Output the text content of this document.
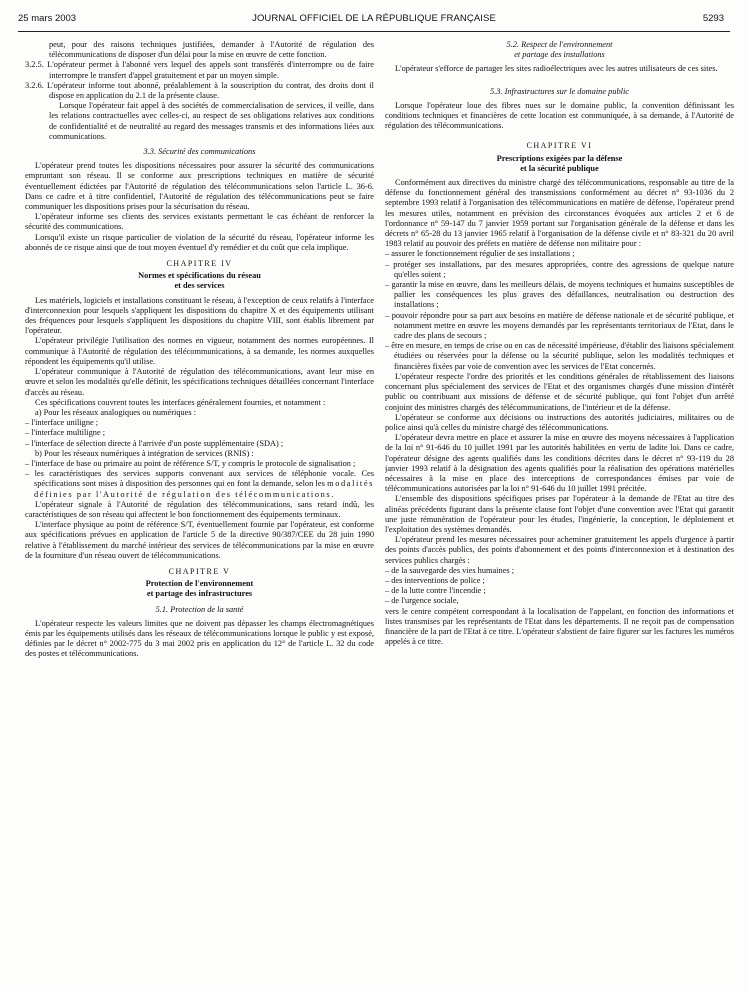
25 mars 2003	JOURNAL OFFICIEL DE LA RÉPUBLIQUE FRANÇAISE	5293

peut, pour des raisons techniques justifiées, demander à l'Autorité de régulation des télécommunications de disposer d'un délai pour la mise en œuvre de cette fonction.

3.2.5. L'opérateur permet à l'abonné vers lequel des appels sont transférés d'interrompre ou de faire interrompre le transfert d'appel gratuitement et par un moyen simple.

3.2.6. L'opérateur informe tout abonné, préalablement à la souscription du contrat, des droits dont il dispose en application du 2.1 de la présente clause.

Lorsque l'opérateur fait appel à des sociétés de commercialisation de services, il veille, dans les relations contractuelles avec celles-ci, au respect de ses obligations relatives aux conditions de confidentialité et de neutralité au regard des messages transmis et des informations liées aux communications.

3.3. Sécurité des communications

L'opérateur prend toutes les dispositions nécessaires pour assurer la sécurité des communications empruntant son réseau. Il se conforme aux prescriptions techniques en matière de sécurité éventuellement édictées par l'Autorité de régulation des télécommunications selon l'article L. 36-6. Dans ce cadre et à titre confidentiel, l'Autorité de régulation des télécommunications peut se faire communiquer les dispositions prises pour la sécurisation du réseau.

L'opérateur informe ses clients des services existants permettant le cas échéant de renforcer la sécurité des communications.

Lorsqu'il existe un risque particulier de violation de la sécurité du réseau, l'opérateur informe les abonnés de ce risque ainsi que de tout moyen éventuel d'y remédier et du coût que cela implique.

CHAPITRE IV

Normes et spécifications du réseau
et des services

Les matériels, logiciels et installations constituant le réseau, à l'exception de ceux relatifs à l'interface d'interconnexion pour lesquels s'appliquent les dispositions du chapitre X et des équipements utilisant des fréquences pour lesquels s'appliquent les dispositions du chapitre VIII, sont établis librement par l'opérateur.

L'opérateur privilégie l'utilisation des normes en vigueur, notamment des normes européennes. Il communique à l'Autorité de régulation des télécommunications, à sa demande, les normes auxquelles répondent les équipements qu'il utilise.

L'opérateur communique à l'Autorité de régulation des télécommunications, avant leur mise en œuvre et selon les modalités qu'elle définit, les spécifications techniques détaillées concernant l'interface d'accès au réseau.

Ces spécifications couvrent toutes les interfaces généralement fournies, et notamment :

a) Pour les réseaux analogiques ou numériques :

– l'interface uniligne ;

– l'interface multiligne ;

– l'interface de sélection directe à l'arrivée d'un poste supplémentaire (SDA) ;

b) Pour les réseaux numériques à intégration de services (RNIS) :

– l'interface de base ou primaire au point de référence S/T, y compris le protocole de signalisation ;

– les caractéristiques des services supports convenant aux services de téléphonie vocale. Ces spécifications sont mises à disposition des personnes qui en font la demande, selon les modalités définies par l'Autorité de régulation des télécommunications.

L'opérateur signale à l'Autorité de régulation des télécommunications, sans retard indû, les caractéristiques de son réseau qui affectent le bon fonctionnement des équipements terminaux.

L'interface physique au point de référence S/T, éventuellement fournie par l'opérateur, est conforme aux spécifications prévues en application de l'article 5 de la directive 90/387/CEE du 28 juin 1990 relative à l'établissement du marché intérieur des services de télécommunications par la mise en œuvre de la fourniture d'un réseau ouvert de télécommunications.

CHAPITRE V

Protection de l'environnement
et partage des infrastructures

5.1. Protection de la santé

L'opérateur respecte les valeurs limites que ne doivent pas dépasser les champs électromagnétiques émis par les équipements utilisés dans les réseaux de télécommunications lorsque le public y est exposé, définies par le décret n° 2002-775 du 3 mai 2002 pris en application du 12° de l'article L. 32 du code des postes et télécommunications.

5.2. Respect de l'environnement
et partage des installations

L'opérateur s'efforce de partager les sites radioélectriques avec les autres utilisateurs de ces sites.

5.3. Infrastructures sur le domaine public

Lorsque l'opérateur loue des fibres nues sur le domaine public, la convention définissant les conditions techniques et financières de cette location est communiquée, à sa demande, à l'Autorité de régulation des télécommunications.

CHAPITRE VI

Prescriptions exigées par la défense
et la sécurité publique

Conformément aux directives du ministre chargé des télécommunications, responsable au titre de la défense du fonctionnement général des transmissions conformément au décret n° 93-1036 du 2 septembre 1993 relatif à l'organisation des télécommunications en matière de défense, l'opérateur prend les mesures utiles, notamment en prévision des circonstances évoquées aux articles 2 et 6 de l'ordonnance n° 59-147 du 7 janvier 1959 portant sur l'organisation générale de la défense et dans les décrets n° 65-28 du 13 janvier 1965 relatif à l'organisation de la défense civile et n° 83-321 du 20 avril 1983 relatif au pouvoir des préfets en matière de défense non militaire pour :

– assurer le fonctionnement régulier de ses installations ;

– protéger ses installations, par des mesures appropriées, contre des agressions de quelque nature qu'elles soient ;

– garantir la mise en œuvre, dans les meilleurs délais, de moyens techniques et humains susceptibles de pallier les conséquences les plus graves des défaillances, neutralisation ou destruction des installations ;

– pouvoir répondre pour sa part aux besoins en matière de défense nationale et de sécurité publique, et notamment mettre en œuvre les moyens demandés par les représentants territoriaux de l'Etat, dans le cadre des plans de secours ;

– être en mesure, en temps de crise ou en cas de nécessité impérieuse, d'établir des liaisons spécialement étudiées ou réservées pour la défense ou la sécurité publique, selon les modalités techniques et financières fixées par voie de convention avec les services de l'Etat concernés.

L'opérateur respecte l'ordre des priorités et les conditions générales de rétablissement des liaisons concernant plus spécialement des services de l'Etat et des organismes chargés d'une mission d'intérêt public ou contribuant aux missions de défense et de sécurité publique, qui font l'objet d'un arrêté conjoint des ministres chargés des télécommunications, de l'intérieur et de la défense.

L'opérateur se conforme aux décisions ou instructions des autorités judiciaires, militaires ou de police ainsi qu'à celles du ministre chargé des télécommunications.

L'opérateur devra mettre en place et assurer la mise en œuvre des moyens nécessaires à l'application de la loi n° 91-646 du 10 juillet 1991 par les autorités habilitées en vertu de ladite loi. Dans ce cadre, l'opérateur désigne des agents qualifiés dans les conditions décrites dans le décret n° 93-119 du 28 janvier 1993 relatif à la désignation des agents qualifiés pour la réalisation des opérations matérielles nécessaires à la mise en place des interceptions de correspondances émises par voie de télécommunications autorisées par la loi n° 91-646 du 10 juillet 1991 précitée.

L'ensemble des dispositions spécifiques prises par l'opérateur à la demande de l'Etat au titre des alinéas précédents figurant dans la présente clause font l'objet d'une convention avec l'Etat qui garantit une juste rémunération de l'opérateur pour les études, l'ingénierie, la conception, le déploiement et l'exploitation des systèmes demandés.

L'opérateur prend les mesures nécessaires pour acheminer gratuitement les appels d'urgence à partir des points d'accès publics, des points d'abonnement et des points d'interconnexion et à destination des services publics chargés :

– de la sauvegarde des vies humaines ;

– des interventions de police ;

– de la lutte contre l'incendie ;

– de l'urgence sociale,

vers le centre compétent correspondant à la localisation de l'appelant, en fonction des informations et listes transmises par les représentants de l'Etat dans les départements. Il ne reçoit pas de compensation financière de la part de l'Etat à ce titre. L'opérateur s'abstient de faire figurer sur les factures les numéros appelés à ce titre.
